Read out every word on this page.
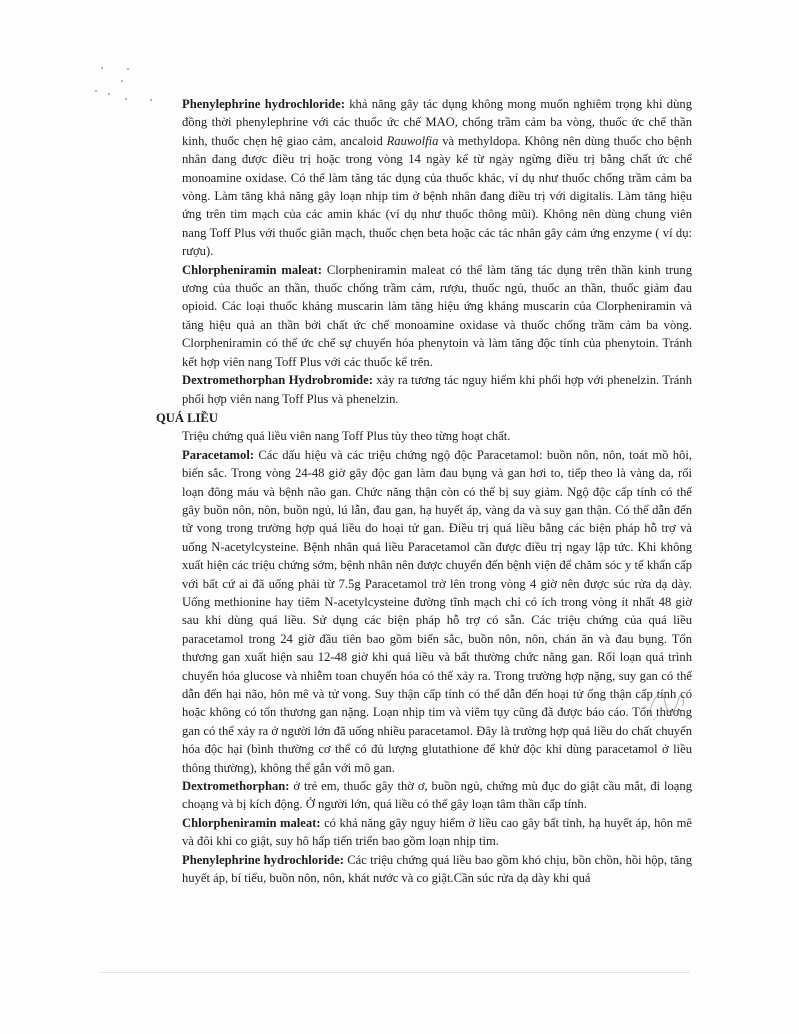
Phenylephrine hydrochloride: khả năng gây tác dụng không mong muốn nghiêm trọng khi dùng đồng thời phenylephrine với các thuốc ức chế MAO, chống trầm cảm ba vòng, thuốc ức chế thần kinh, thuốc chẹn hệ giao cảm, ancaloid Rauwolfia và methyldopa. Không nên dùng thuốc cho bệnh nhân đang được điều trị hoặc trong vòng 14 ngày kể từ ngày ngừng điều trị bằng chất ức chế monoamine oxidase. Có thể làm tăng tác dụng của thuốc khác, ví dụ như thuốc chống trầm cảm ba vòng. Làm tăng khả năng gây loạn nhịp tim ở bệnh nhân đang điều trị với digitalis. Làm tăng hiệu ứng trên tim mạch của các amin khác (ví dụ như thuốc thông mũi). Không nên dùng chung viên nang Toff Plus với thuốc giãn mạch, thuốc chẹn beta hoặc các tác nhân gây cảm ứng enzyme ( ví dụ: rượu).

Chlorpheniramin maleat: Clorpheniramin maleat có thể làm tăng tác dụng trên thần kinh trung ương của thuốc an thần, thuốc chống trầm cảm, rượu, thuốc ngủ, thuốc an thần, thuốc giảm đau opioid. Các loại thuốc kháng muscarin làm tăng hiệu ứng kháng muscarin của Clorpheniramin và tăng hiệu quả an thần bởi chất ức chế monoamine oxidase và thuốc chống trầm cảm ba vòng. Clorpheniramin có thể ức chế sự chuyển hóa phenytoin và làm tăng độc tính của phenytoin. Tránh kết hợp viên nang Toff Plus với các thuốc kể trên.

Dextromethorphan Hydrobromide: xảy ra tương tác nguy hiểm khi phối hợp với phenelzin. Tránh phối hợp viên nang Toff Plus và phenelzin.

QUÁ LIỀU

Triệu chứng quá liều viên nang Toff Plus tùy theo từng hoạt chất.

Paracetamol: Các dấu hiệu và các triệu chứng ngộ độc Paracetamol: buồn nôn, nôn, toát mồ hôi, biến sắc. Trong vòng 24-48 giờ gây độc gan làm đau bụng và gan hơi to, tiếp theo là vàng da, rối loạn đông máu và bệnh não gan. Chức năng thận còn có thể bị suy giảm. Ngộ độc cấp tính có thể gây buồn nôn, nôn, buồn ngủ, lú lẫn, đau gan, hạ huyết áp, vàng da và suy gan thận. Có thể dẫn đến tử vong trong trường hợp quá liều do hoại tử gan. Điều trị quá liều bằng các biện pháp hỗ trợ và uống N-acetylcysteine. Bệnh nhân quá liều Paracetamol cần được điều trị ngay lập tức. Khi không xuất hiện các triệu chứng sớm, bệnh nhân nên được chuyển đến bệnh viện để chăm sóc y tế khẩn cấp với bất cứ ai đã uống phải từ 7.5g Paracetamol trở lên trong vòng 4 giờ nên được súc rửa dạ dày. Uống methionine hay tiêm N-acetylcysteine đường tĩnh mạch chỉ có ích trong vòng ít nhất 48 giờ sau khi dùng quá liều. Sử dụng các biện pháp hỗ trợ có sẵn. Các triệu chứng của quá liều paracetamol trong 24 giờ đầu tiên bao gồm biến sắc, buồn nôn, nôn, chán ăn và đau bụng. Tổn thương gan xuất hiện sau 12-48 giờ khi quá liều và bất thường chức năng gan. Rối loạn quá trình chuyển hóa glucose và nhiễm toan chuyển hóa có thể xảy ra. Trong trường hợp nặng, suy gan có thể dẫn đến hại não, hôn mê và tử vong. Suy thận cấp tính có thể dẫn đến hoại tử ống thận cấp tính có hoặc không có tổn thương gan nặng. Loạn nhịp tim và viêm tụy cũng đã được báo cáo. Tổn thương gan có thể xảy ra ở người lớn đã uống nhiều paracetamol. Đây là trường hợp quá liều do chất chuyển hóa độc hại (bình thường cơ thể có đủ lượng glutathione để khử độc khi dùng paracetamol ở liều thông thường), không thể gắn với mô gan.

Dextromethorphan: ở trẻ em, thuốc gây thờ ơ, buồn ngủ, chứng mù đục do giật cầu mắt, đi loạng choạng và bị kích động. Ở người lớn, quá liều có thể gây loạn tâm thần cấp tính.

Chlorpheniramin maleat: có khả năng gây nguy hiểm ở liều cao gây bất tỉnh, hạ huyết áp, hôn mê và đôi khi co giật, suy hô hấp tiến triển bao gồm loạn nhịp tim.

Phenylephrine hydrochloride: Các triệu chứng quá liều bao gồm khó chịu, bồn chồn, hồi hộp, tăng huyết áp, bí tiểu, buồn nôn, nôn, khát nước và co giật.Cần súc rửa dạ dày khi quá
